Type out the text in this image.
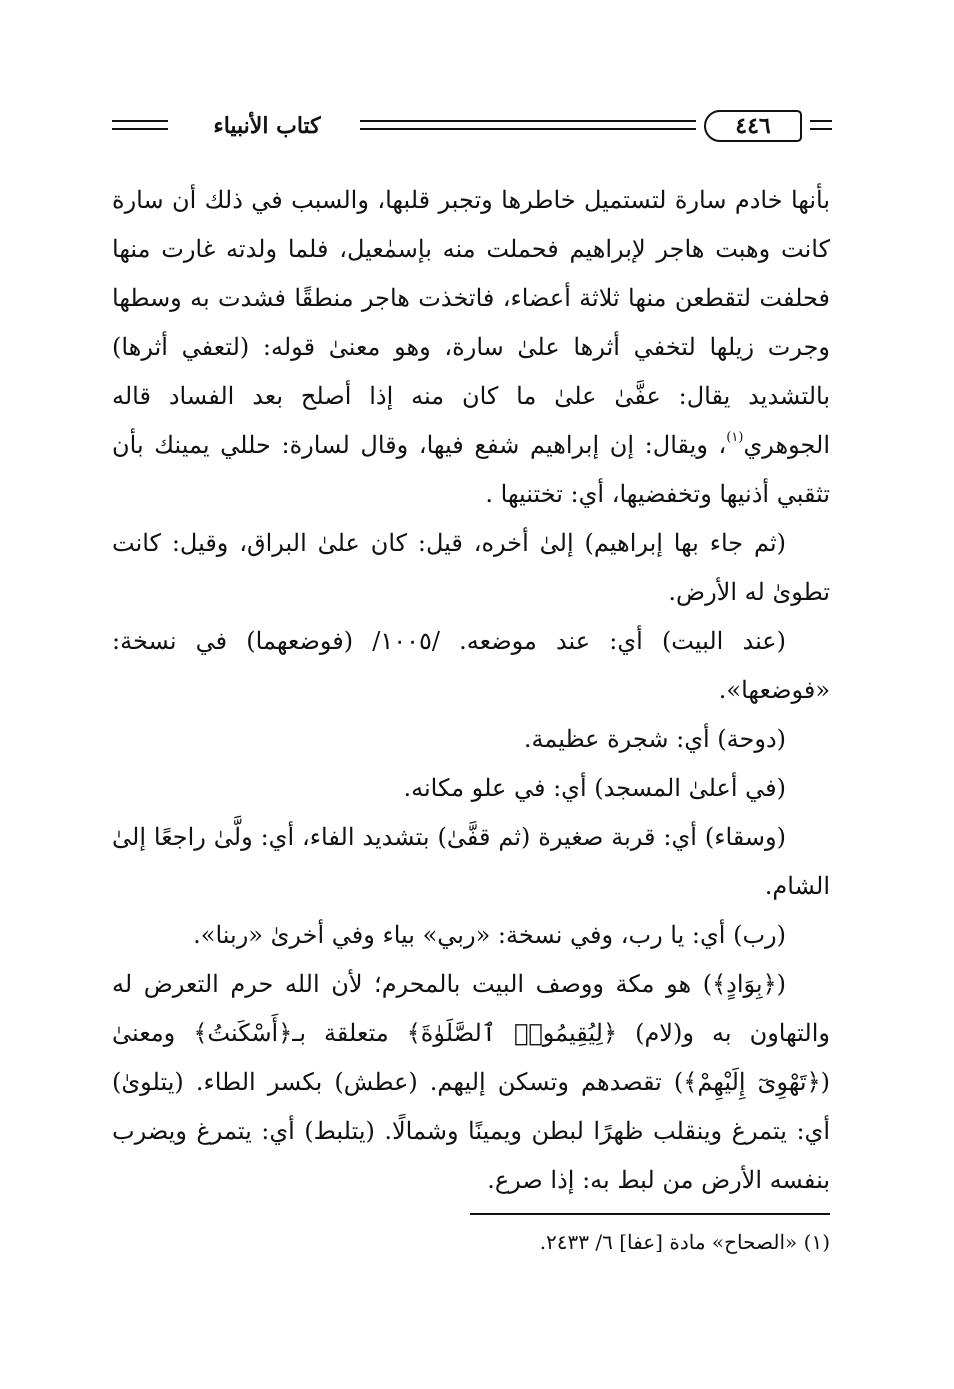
كتاب الأنبياء	٤٤٦

بأنها خادم سارة لتستميل خاطرها وتجبر قلبها، والسبب في ذلك أن سارة كانت وهبت هاجر لإبراهيم فحملت منه بإسمٰعيل، فلما ولدته غارت منها فحلفت لتقطعن منها ثلاثة أعضاء، فاتخذت هاجر منطقًا فشدت به وسطها وجرت زيلها لتخفي أثرها علىٰ سارة، وهو معنىٰ قوله: (لتعفي أثرها) بالتشديد يقال: عفَّىٰ علىٰ ما كان منه إذا أصلح بعد الفساد قاله الجوهري$^{(١)}$، ويقال: إن إبراهيم شفع فيها، وقال لسارة: حللي يمينك بأن تثقبي أذنيها وتخفضيها، أي: تختنيها .

(ثم جاء بها إبراهيم) إلىٰ أخره، قيل: كان علىٰ البراق، وقيل: كانت تطوىٰ له الأرض.

(عند البيت) أي: عند موضعه. /١٠٠٥/ (فوضعهما) في نسخة: «فوضعها».

(دوحة) أي: شجرة عظيمة.

(في أعلىٰ المسجد) أي: في علو مكانه.

(وسقاء) أي: قربة صغيرة (ثم قفَّىٰ) بتشديد الفاء، أي: ولَّىٰ راجعًا إلىٰ الشام.

(رب) أي: يا رب، وفي نسخة: «ربي» بياء وفي أخرىٰ «ربنا».

(﴿بِوَادٍ﴾) هو مكة ووصف البيت بالمحرم؛ لأن الله حرم التعرض له والتهاون به و(لام) ﴿لِيُقِيمُوا۟ ٱلصَّلَوٰةَ﴾ متعلقة بـ﴿أَسْكَنتُ﴾ ومعنىٰ (﴿تَهْوِىٓ إِلَيْهِمْ﴾) تقصدهم وتسكن إليهم. (عطش) بكسر الطاء. (يتلوىٰ) أي: يتمرغ وينقلب ظهرًا لبطن ويمينًا وشمالًا. (يتلبط) أي: يتمرغ ويضرب بنفسه الأرض من لبط به: إذا صرع.

(١) «الصحاح» مادة [عفا] ٦/ ٢٤٣٣.
